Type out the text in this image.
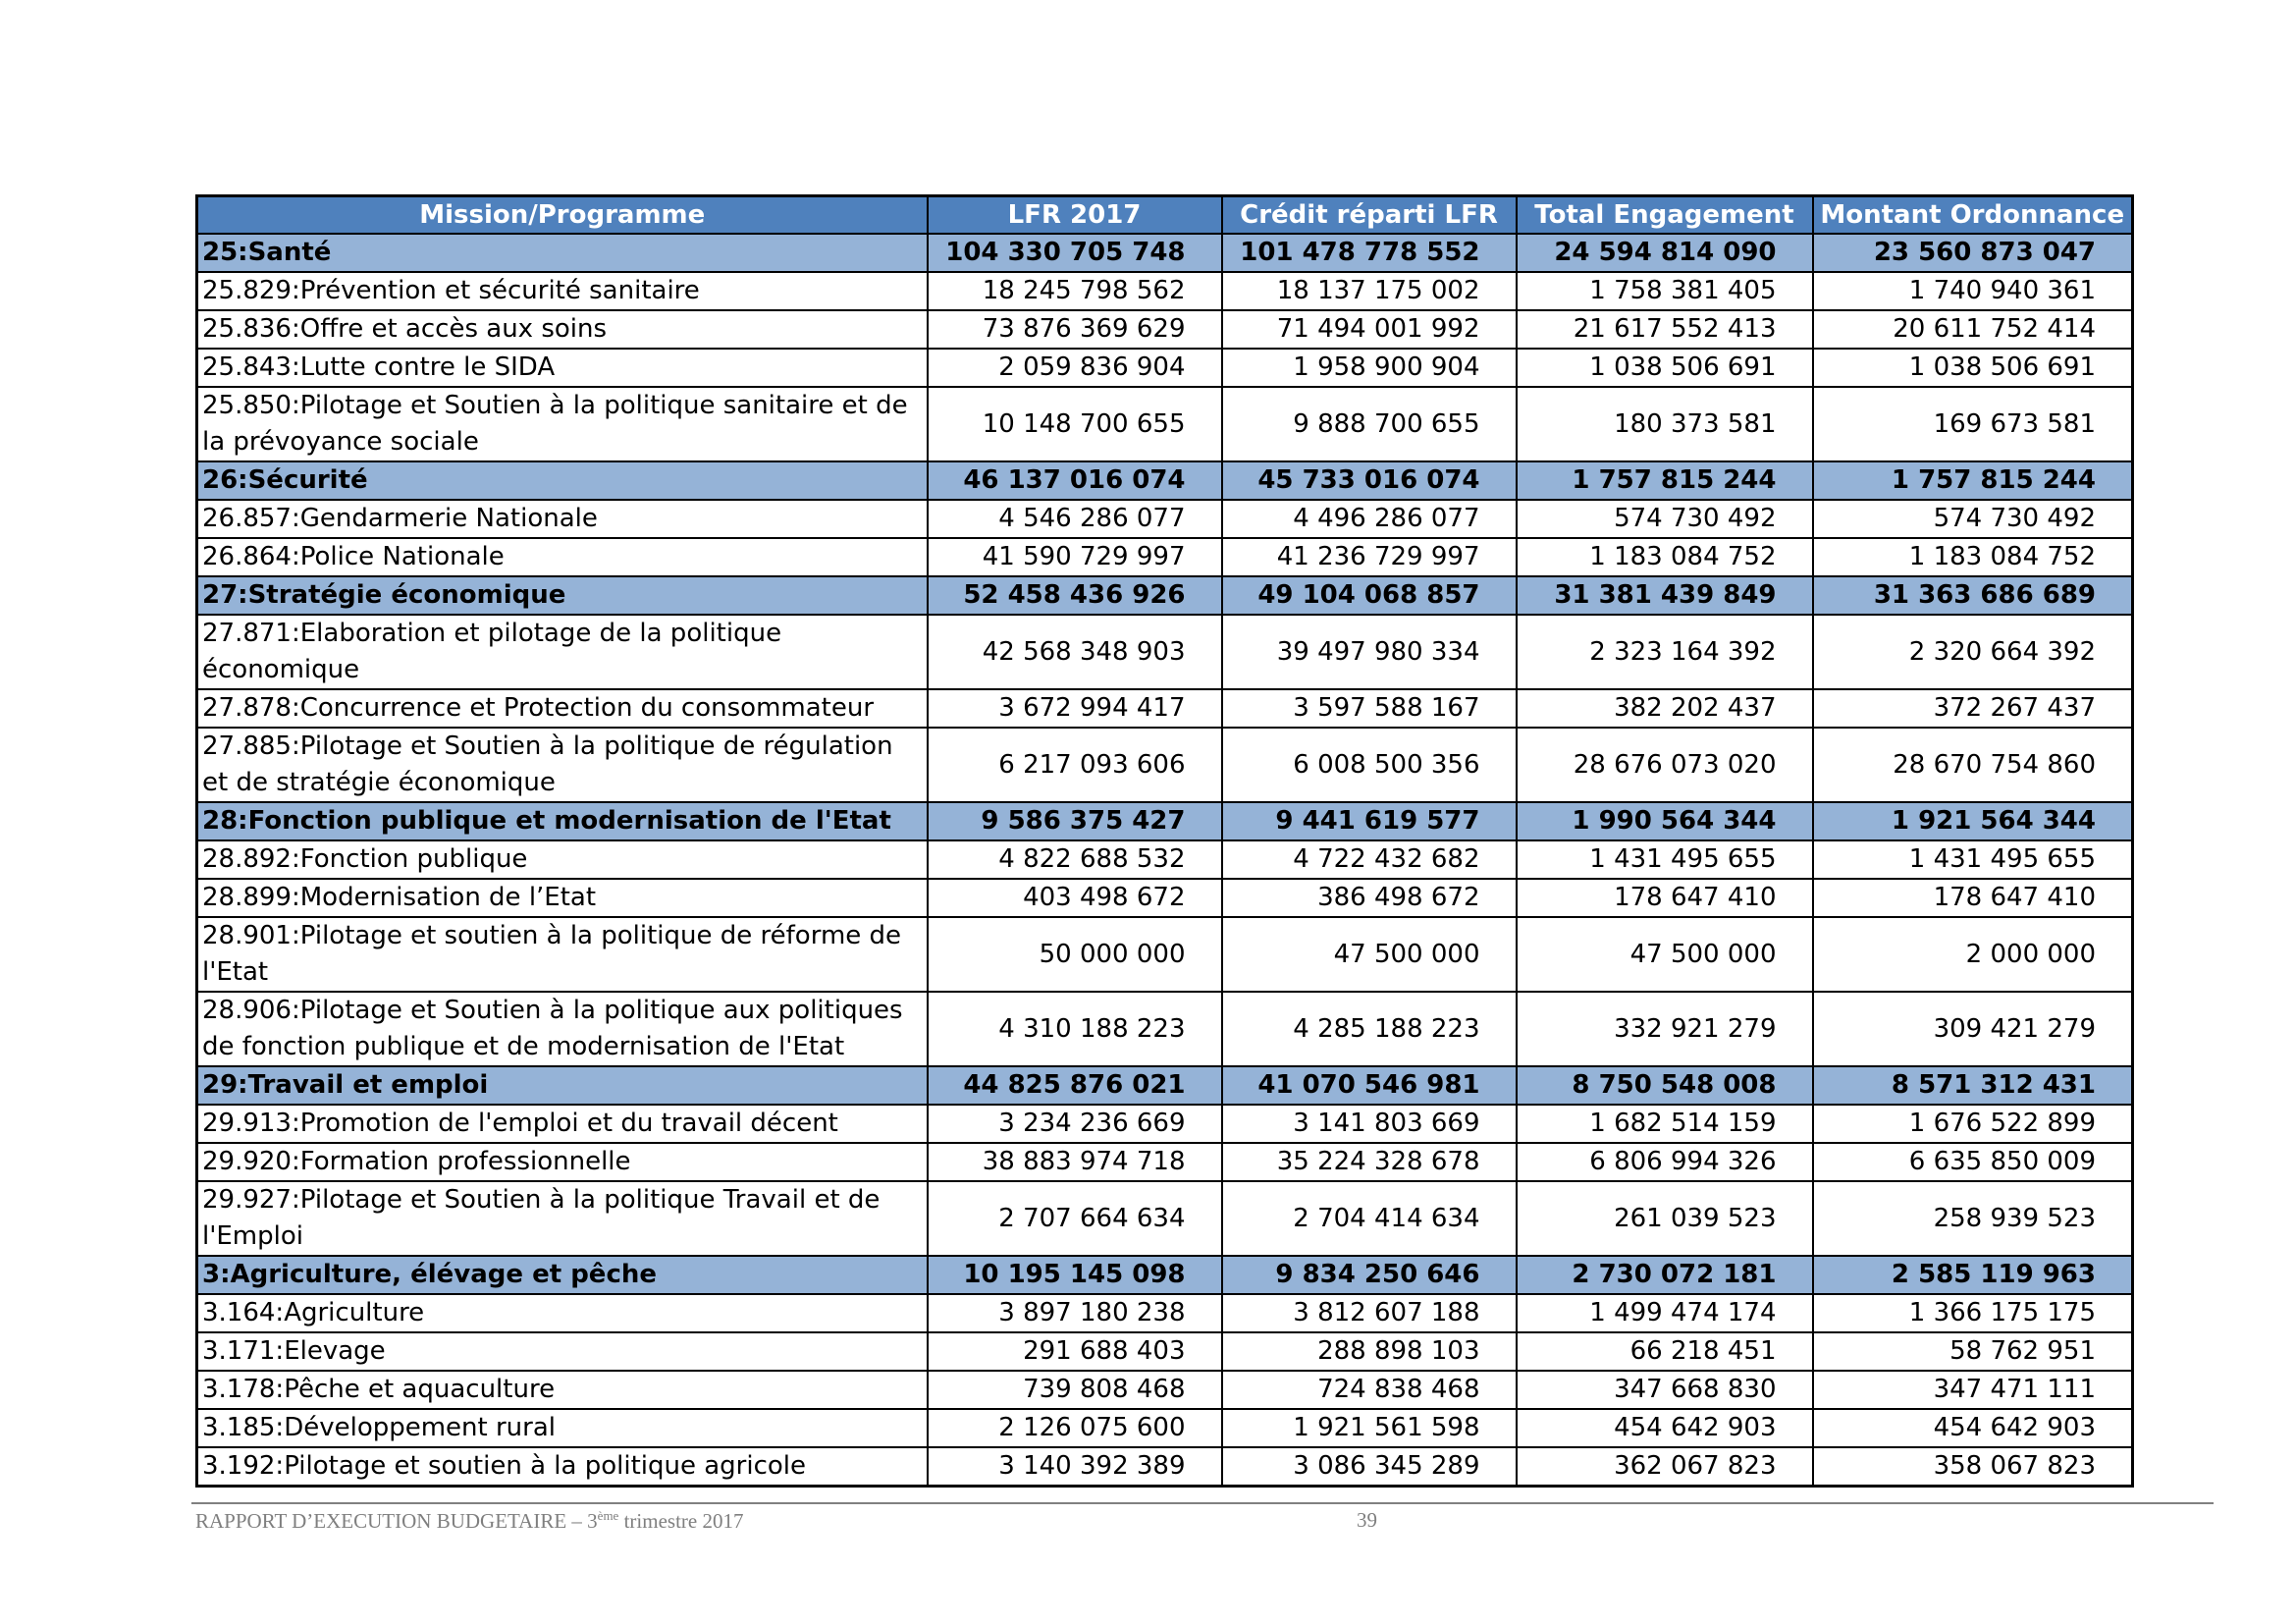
Mission/Programme	LFR 2017	Crédit réparti LFR	Total Engagement	Montant Ordonnance
25:Santé	104 330 705 748	101 478 778 552	24 594 814 090	23 560 873 047
25.829:Prévention et sécurité sanitaire	18 245 798 562	18 137 175 002	1 758 381 405	1 740 940 361
25.836:Offre et accès aux soins	73 876 369 629	71 494 001 992	21 617 552 413	20 611 752 414
25.843:Lutte contre le SIDA	2 059 836 904	1 958 900 904	1 038 506 691	1 038 506 691
25.850:Pilotage et Soutien à la politique sanitaire et de la prévoyance sociale	10 148 700 655	9 888 700 655	180 373 581	169 673 581
26:Sécurité	46 137 016 074	45 733 016 074	1 757 815 244	1 757 815 244
26.857:Gendarmerie Nationale	4 546 286 077	4 496 286 077	574 730 492	574 730 492
26.864:Police Nationale	41 590 729 997	41 236 729 997	1 183 084 752	1 183 084 752
27:Stratégie économique	52 458 436 926	49 104 068 857	31 381 439 849	31 363 686 689
27.871:Elaboration et pilotage de la politique économique	42 568 348 903	39 497 980 334	2 323 164 392	2 320 664 392
27.878:Concurrence et Protection du consommateur	3 672 994 417	3 597 588 167	382 202 437	372 267 437
27.885:Pilotage et Soutien à la politique de régulation et de stratégie économique	6 217 093 606	6 008 500 356	28 676 073 020	28 670 754 860
28:Fonction publique et modernisation de l'Etat	9 586 375 427	9 441 619 577	1 990 564 344	1 921 564 344
28.892:Fonction publique	4 822 688 532	4 722 432 682	1 431 495 655	1 431 495 655
28.899:Modernisation de l’Etat	403 498 672	386 498 672	178 647 410	178 647 410
28.901:Pilotage et soutien à la politique de réforme de l'Etat	50 000 000	47 500 000	47 500 000	2 000 000
28.906:Pilotage et Soutien à la politique aux politiques de fonction publique et de modernisation de l'Etat	4 310 188 223	4 285 188 223	332 921 279	309 421 279
29:Travail et emploi	44 825 876 021	41 070 546 981	8 750 548 008	8 571 312 431
29.913:Promotion de l'emploi et du travail décent	3 234 236 669	3 141 803 669	1 682 514 159	1 676 522 899
29.920:Formation professionnelle	38 883 974 718	35 224 328 678	6 806 994 326	6 635 850 009
29.927:Pilotage et Soutien à la politique Travail et de l'Emploi	2 707 664 634	2 704 414 634	261 039 523	258 939 523
3:Agriculture, élévage et pêche	10 195 145 098	9 834 250 646	2 730 072 181	2 585 119 963
3.164:Agriculture	3 897 180 238	3 812 607 188	1 499 474 174	1 366 175 175
3.171:Elevage	291 688 403	288 898 103	66 218 451	58 762 951
3.178:Pêche et aquaculture	739 808 468	724 838 468	347 668 830	347 471 111
3.185:Développement rural	2 126 075 600	1 921 561 598	454 642 903	454 642 903
3.192:Pilotage et soutien à la politique agricole	3 140 392 389	3 086 345 289	362 067 823	358 067 823
RAPPORT D’EXECUTION BUDGETAIRE – 3ème trimestre 2017	39
